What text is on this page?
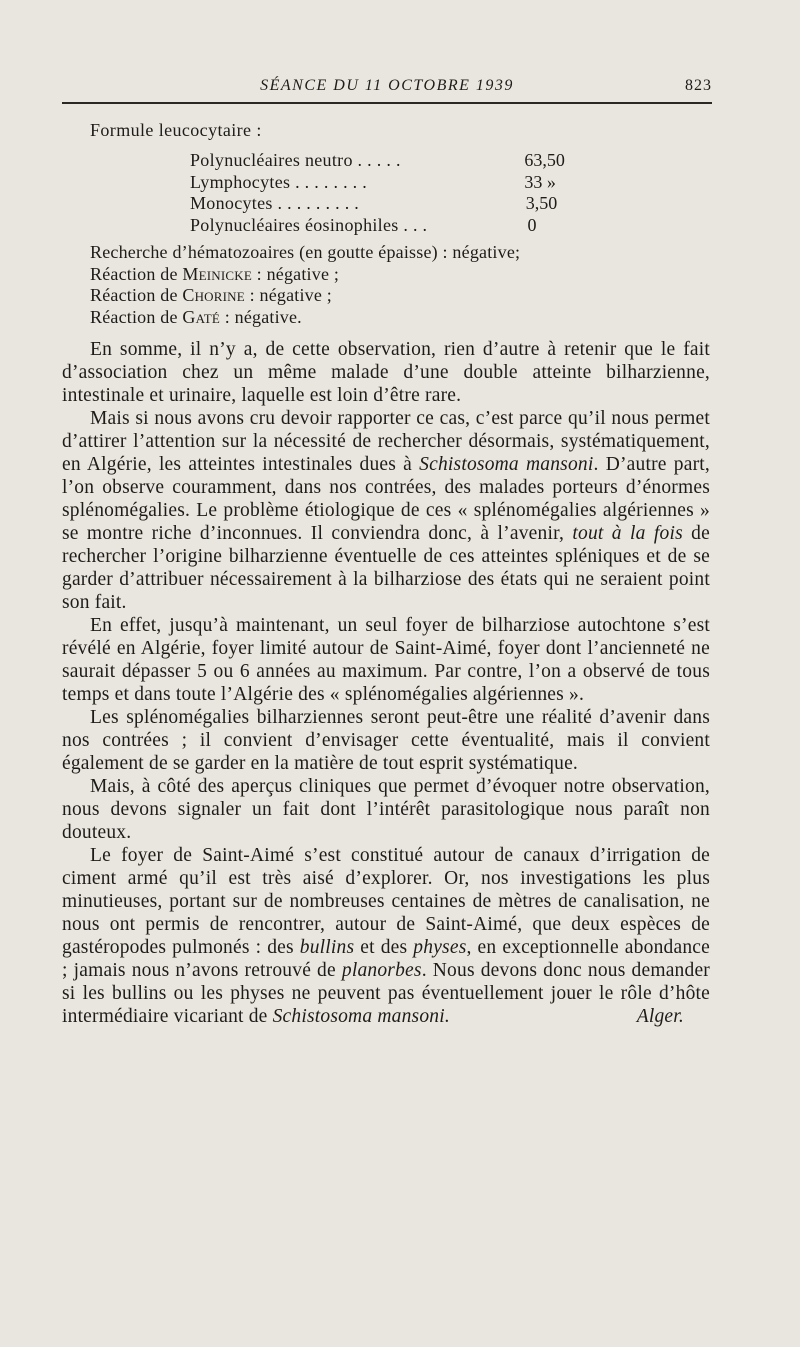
SÉANCE DU 11 OCTOBRE 1939	823
Formule leucocytaire :
Polynucléaires neutro . . . . .	63,50
Lymphocytes . . . . . . . .	33 »
Monocytes . . . . . . . . .	3,50
Polynucléaires éosinophiles . . .	0
Recherche d’hématozoaires (en goutte épaisse) : négative;
Réaction de Meinicke : négative ;
Réaction de Chorine : négative ;
Réaction de Gaté : négative.

En somme, il n’y a, de cette observation, rien d’autre à retenir que le fait d’association chez un même malade d’une double atteinte bilharzienne, intestinale et urinaire, laquelle est loin d’être rare.

Mais si nous avons cru devoir rapporter ce cas, c’est parce qu’il nous permet d’attirer l’attention sur la nécessité de rechercher désormais, systématiquement, en Algérie, les atteintes intestinales dues à Schistosoma mansoni. D’autre part, l’on observe couramment, dans nos contrées, des malades porteurs d’énormes splénomégalies. Le problème étiologique de ces « splénomégalies algériennes » se montre riche d’inconnues. Il conviendra donc, à l’avenir, tout à la fois de rechercher l’origine bilharzienne éventuelle de ces atteintes spléniques et de se garder d’attribuer nécessairement à la bilharziose des états qui ne seraient point son fait.

En effet, jusqu’à maintenant, un seul foyer de bilharziose autochtone s’est révélé en Algérie, foyer limité autour de Saint-Aimé, foyer dont l’ancienneté ne saurait dépasser 5 ou 6 années au maximum. Par contre, l’on a observé de tous temps et dans toute l’Algérie des « splénomégalies algériennes ».

Les splénomégalies bilharziennes seront peut-être une réalité d’avenir dans nos contrées ; il convient d’envisager cette éventualité, mais il convient également de se garder en la matière de tout esprit systématique.

Mais, à côté des aperçus cliniques que permet d’évoquer notre observation, nous devons signaler un fait dont l’intérêt parasitologique nous paraît non douteux.

Le foyer de Saint-Aimé s’est constitué autour de canaux d’irrigation de ciment armé qu’il est très aisé d’explorer. Or, nos investigations les plus minutieuses, portant sur de nombreuses centaines de mètres de canalisation, ne nous ont permis de rencontrer, autour de Saint-Aimé, que deux espèces de gastéropodes pulmonés : des bullins et des physes, en exceptionnelle abondance ; jamais nous n’avons retrouvé de planorbes. Nous devons donc nous demander si les bullins ou les physes ne peuvent pas éventuellement jouer le rôle d’hôte intermédiaire vicariant de Schistosoma mansoni.	Alger.
